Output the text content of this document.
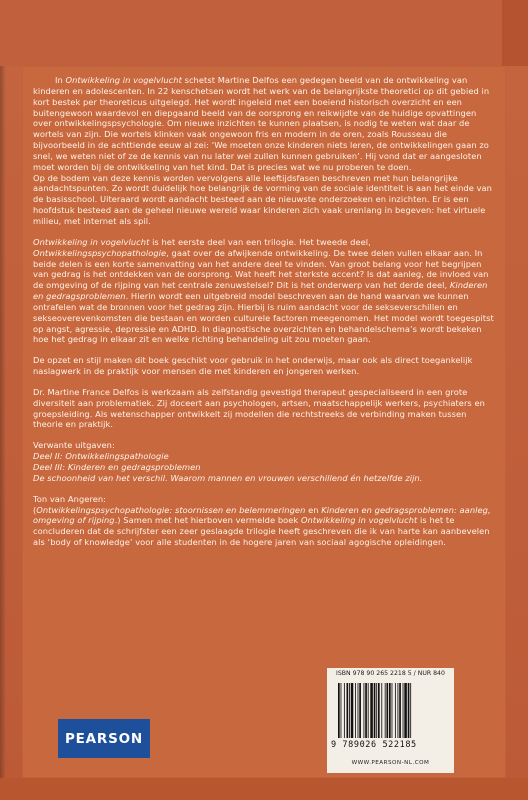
In Ontwikkeling in vogelvlucht schetst Martine Delfos een gedegen beeld van de ontwikkeling van kinderen en adolescenten. In 22 kenschetsen wordt het werk van de belangrijkste theoretici op dit gebied in kort bestek per theoreticus uitgelegd. Het wordt ingeleid met een boeiend historisch overzicht en een buitengewoon waardevol en diepgaand beeld van de oorsprong en reikwijdte van de huidige opvattingen over ontwikkelingspsychologie. Om nieuwe inzichten te kunnen plaatsen, is nodig te weten wat daar de wortels van zijn. Die wortels klinken vaak ongewoon fris en modern in de oren, zoals Rousseau die bijvoorbeeld in de achttiende eeuw al zei: ‘We moeten onze kinderen niets leren, de ontwikkelingen gaan zo snel, we weten niet of ze de kennis van nu later wel zullen kunnen gebruiken’. Hij vond dat er aangesloten moet worden bij de ontwikkeling van het kind. Dat is precies wat we nu proberen te doen.

Op de bodem van deze kennis worden vervolgens alle leeftijdsfasen beschreven met hun belangrijke aandachtspunten. Zo wordt duidelijk hoe belangrijk de vorming van de sociale identiteit is aan het einde van de basisschool. Uiteraard wordt aandacht besteed aan de nieuwste onderzoeken en inzichten. Er is een hoofdstuk besteed aan de geheel nieuwe wereld waar kinderen zich vaak urenlang in begeven: het virtuele milieu, met internet als spil.

Ontwikkeling in vogelvlucht is het eerste deel van een trilogie. Het tweede deel, Ontwikkelingspsychopathologie, gaat over de afwijkende ontwikkeling. De twee delen vullen elkaar aan. In beide delen is een korte samenvatting van het andere deel te vinden. Van groot belang voor het begrijpen van gedrag is het ontdekken van de oorsprong. Wat heeft het sterkste accent? Is dat aanleg, de invloed van de omgeving of de rijping van het centrale zenuwstelsel? Dit is het onderwerp van het derde deel, Kinderen en gedragsproblemen. Hierin wordt een uitgebreid model beschreven aan de hand waarvan we kunnen ontrafelen wat de bronnen voor het gedrag zijn. Hierbij is ruim aandacht voor de sekseverschillen en sekseoverevenkomsten die bestaan en worden culturele factoren meegenomen. Het model wordt toegespitst op angst, agressie, depressie en ADHD. In diagnostische overzichten en behandelschema’s wordt bekeken hoe het gedrag in elkaar zit en welke richting behandeling uit zou moeten gaan.

De opzet en stijl maken dit boek geschikt voor gebruik in het onderwijs, maar ook als direct toegankelijk naslagwerk in de praktijk voor mensen die met kinderen en jongeren werken.

Dr. Martine France Delfos is werkzaam als zelfstandig gevestigd therapeut gespecialiseerd in een grote diversiteit aan problematiek. Zij doceert aan psychologen, artsen, maatschappelijk werkers, psychiaters en groepsleiding. Als wetenschapper ontwikkelt zij modellen die rechtstreeks de verbinding maken tussen theorie en praktijk.

Verwante uitgaven:

Deel II: Ontwikkelingspathologie

Deel III: Kinderen en gedragsproblemen

De schoonheid van het verschil. Waarom mannen en vrouwen verschillend én hetzelfde zijn.

Ton van Angeren:

(Ontwikkelingspsychopathologie: stoornissen en belemmeringen en Kinderen en gedragsproblemen: aanleg, omgeving of rijping.) Samen met het hierboven vermelde boek Ontwikkeling in vogelvlucht is het te concluderen dat de schrijfster een zeer geslaagde trilogie heeft geschreven die ik van harte kan aanbevelen als ‘body of knowledge’ voor alle studenten in de hogere jaren van sociaal agogische opleidingen.

PEARSON
ISBN 978 90 265 2218 5 / NUR 840
9 789026 522185
WWW.PEARSON-NL.COM
